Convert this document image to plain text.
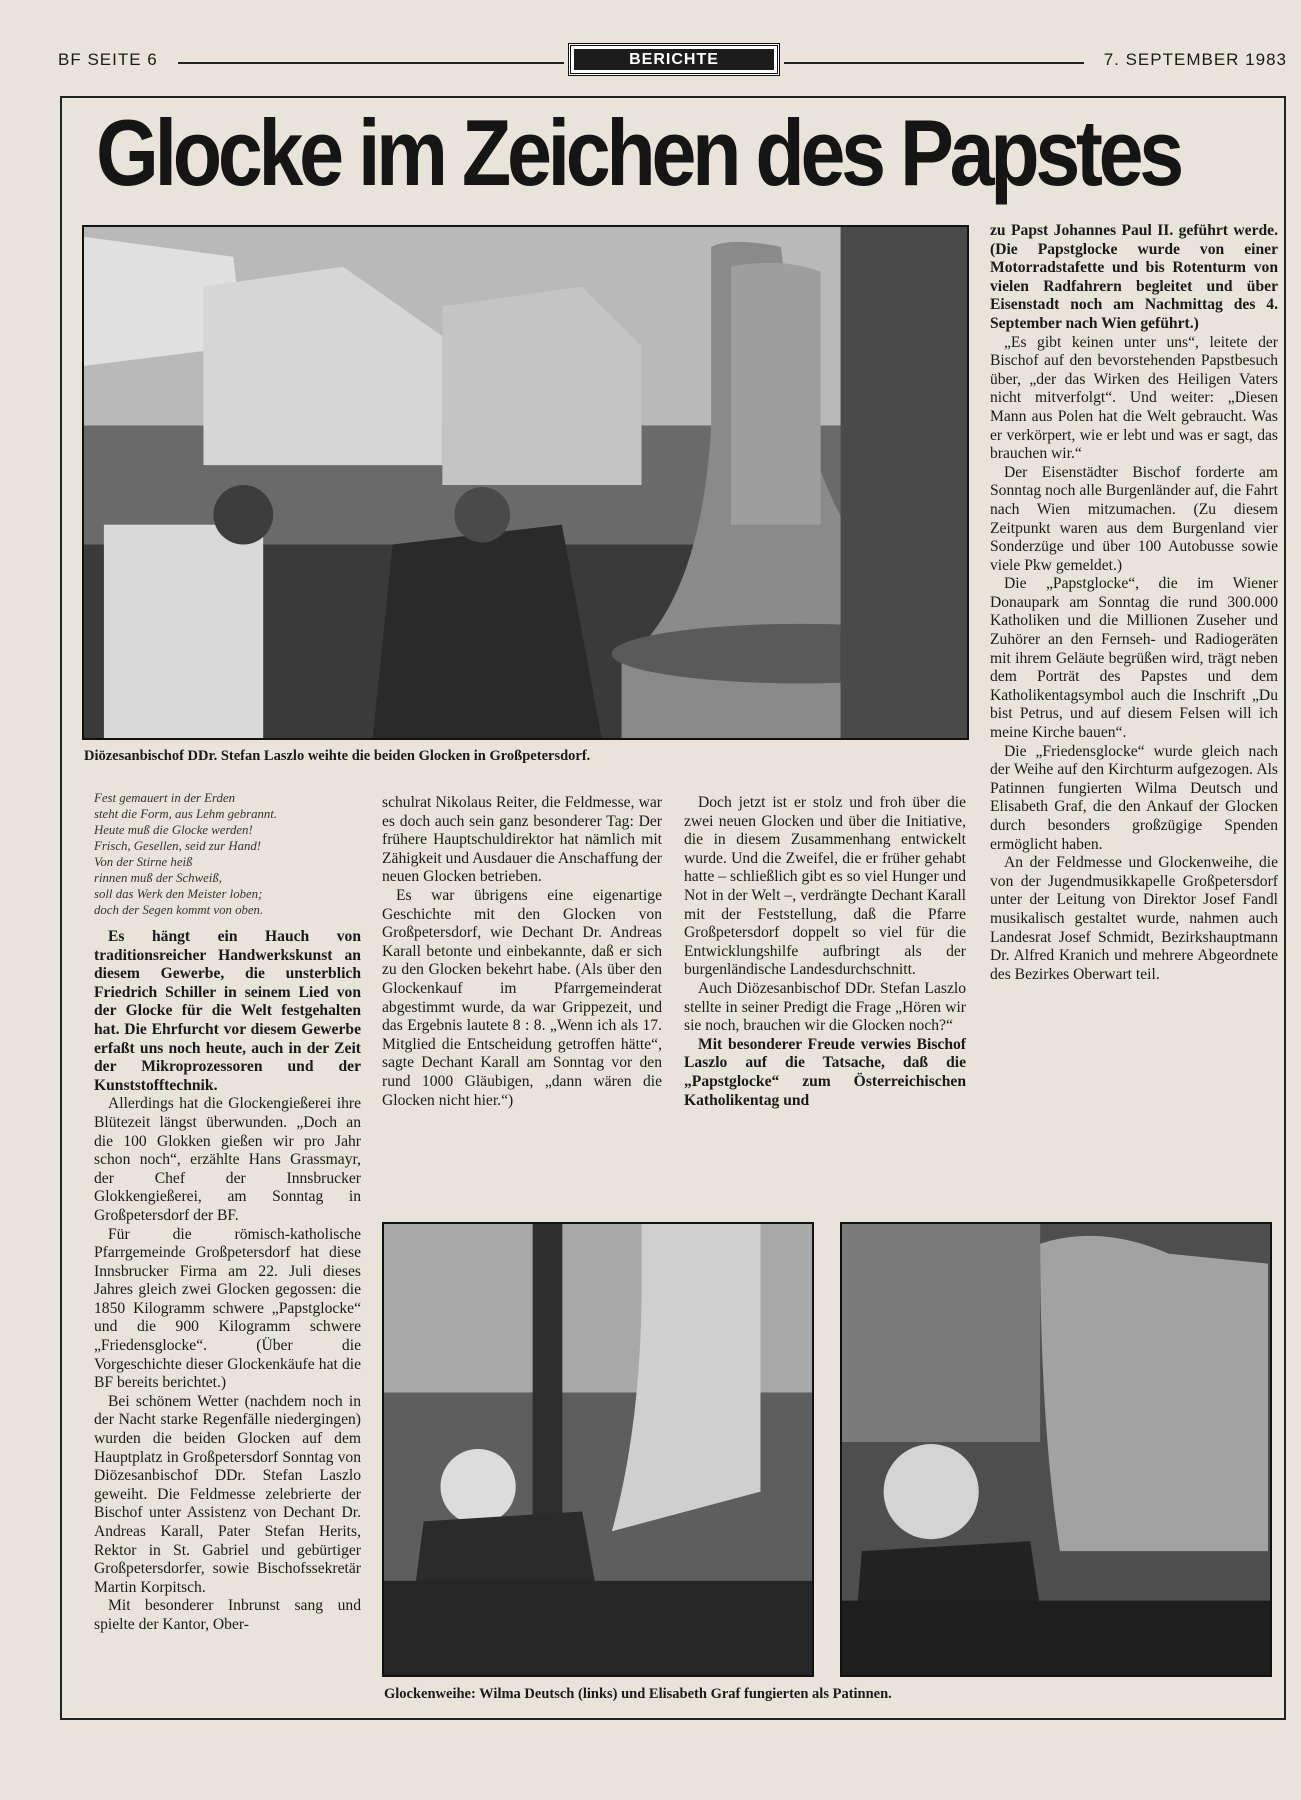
BF SEITE 6	BERICHTE	7. SEPTEMBER 1983
Glocke im Zeichen des Papstes
Diözesanbischof DDr. Stefan Laszlo weihte die beiden Glocken in Großpetersdorf.
Fest gemauert in der Erden
steht die Form, aus Lehm gebrannt.
Heute muß die Glocke werden!
Frisch, Gesellen, seid zur Hand!
Von der Stirne heiß
rinnen muß der Schweiß,
soll das Werk den Meister loben;
doch der Segen kommt von oben.

Es hängt ein Hauch von traditionsreicher Handwerkskunst an diesem Gewerbe, die unsterblich Friedrich Schiller in seinem Lied von der Glocke für die Welt festgehalten hat. Die Ehrfurcht vor diesem Gewerbe erfaßt uns noch heute, auch in der Zeit der Mikroprozessoren und der Kunststofftechnik.

Allerdings hat die Glockengießerei ihre Blütezeit längst überwunden. „Doch an die 100 Glokken gießen wir pro Jahr schon noch“, erzählte Hans Grassmayr, der Chef der Innsbrucker Glokkengießerei, am Sonntag in Großpetersdorf der BF.

Für die römisch-katholische Pfarrgemeinde Großpetersdorf hat diese Innsbrucker Firma am 22. Juli dieses Jahres gleich zwei Glocken gegossen: die 1850 Kilogramm schwere „Papstglocke“ und die 900 Kilogramm schwere „Friedensglocke“. (Über die Vorgeschichte dieser Glockenkäufe hat die BF bereits berichtet.)

Bei schönem Wetter (nachdem noch in der Nacht starke Regenfälle niedergingen) wurden die beiden Glocken auf dem Hauptplatz in Großpetersdorf Sonntag von Diözesanbischof DDr. Stefan Laszlo geweiht. Die Feldmesse zelebrierte der Bischof unter Assistenz von Dechant Dr. Andreas Karall, Pater Stefan Herits, Rektor in St. Gabriel und gebürtiger Großpetersdorfer, sowie Bischofssekretär Martin Korpitsch.

Mit besonderer Inbrunst sang und spielte der Kantor, Ober-

schulrat Nikolaus Reiter, die Feldmesse, war es doch auch sein ganz besonderer Tag: Der frühere Hauptschuldirektor hat nämlich mit Zähigkeit und Ausdauer die Anschaffung der neuen Glocken betrieben.

Es war übrigens eine eigenartige Geschichte mit den Glocken von Großpetersdorf, wie Dechant Dr. Andreas Karall betonte und einbekannte, daß er sich zu den Glocken bekehrt habe. (Als über den Glockenkauf im Pfarrgemeinderat abgestimmt wurde, da war Grippezeit, und das Ergebnis lautete 8 : 8. „Wenn ich als 17. Mitglied die Entscheidung getroffen hätte“, sagte Dechant Karall am Sonntag vor den rund 1000 Gläubigen, „dann wären die Glocken nicht hier.“)

Doch jetzt ist er stolz und froh über die zwei neuen Glocken und über die Initiative, die in diesem Zusammenhang entwickelt wurde. Und die Zweifel, die er früher gehabt hatte – schließlich gibt es so viel Hunger und Not in der Welt –, verdrängte Dechant Karall mit der Feststellung, daß die Pfarre Großpetersdorf doppelt so viel für die Entwicklungshilfe aufbringt als der burgenländische Landesdurchschnitt.

Auch Diözesanbischof DDr. Stefan Laszlo stellte in seiner Predigt die Frage „Hören wir sie noch, brauchen wir die Glocken noch?“

Mit besonderer Freude verwies Bischof Laszlo auf die Tatsache, daß die „Papstglocke“ zum Österreichischen Katholikentag und

zu Papst Johannes Paul II. geführt werde. (Die Papstglocke wurde von einer Motorradstafette und bis Rotenturm von vielen Radfahrern begleitet und über Eisenstadt noch am Nachmittag des 4. September nach Wien geführt.)

„Es gibt keinen unter uns“, leitete der Bischof auf den bevorstehenden Papstbesuch über, „der das Wirken des Heiligen Vaters nicht mitverfolgt“. Und weiter: „Diesen Mann aus Polen hat die Welt gebraucht. Was er verkörpert, wie er lebt und was er sagt, das brauchen wir.“

Der Eisenstädter Bischof forderte am Sonntag noch alle Burgenländer auf, die Fahrt nach Wien mitzumachen. (Zu diesem Zeitpunkt waren aus dem Burgenland vier Sonderzüge und über 100 Autobusse sowie viele Pkw gemeldet.)

Die „Papstglocke“, die im Wiener Donaupark am Sonntag die rund 300.000 Katholiken und die Millionen Zuseher und Zuhörer an den Fernseh- und Radiogeräten mit ihrem Geläute begrüßen wird, trägt neben dem Porträt des Papstes und dem Katholikentagsymbol auch die Inschrift „Du bist Petrus, und auf diesem Felsen will ich meine Kirche bauen“.

Die „Friedensglocke“ wurde gleich nach der Weihe auf den Kirchturm aufgezogen. Als Patinnen fungierten Wilma Deutsch und Elisabeth Graf, die den Ankauf der Glocken durch besonders großzügige Spenden ermöglicht haben.

An der Feldmesse und Glockenweihe, die von der Jugendmusikkapelle Großpetersdorf unter der Leitung von Direktor Josef Fandl musikalisch gestaltet wurde, nahmen auch Landesrat Josef Schmidt, Bezirkshauptmann Dr. Alfred Kranich und mehrere Abgeordnete des Bezirkes Oberwart teil.

Glockenweihe: Wilma Deutsch (links) und Elisabeth Graf fungierten als Patinnen.
